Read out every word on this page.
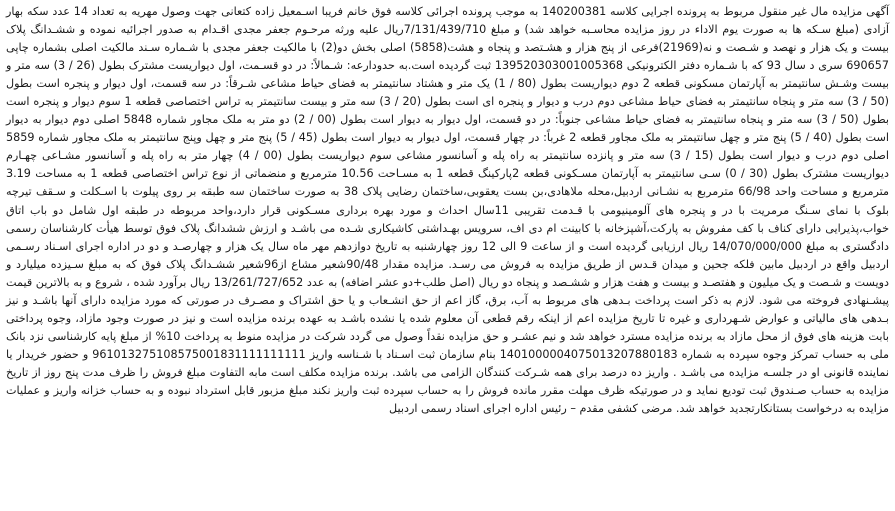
آگهی مزایده مال غیر منقول مربوط به پرونده اجرایی کلاسه 140200381 به موجب پرونده اجرائی کلاسه فوق خانم فریبا اسـمعیل زاده کتعانی جهت وصول مهریه به تعداد 14 عدد سکه بهار آزادی (مبلغ سـکه ها به صورت یوم الاداء در روز مزایده محاسـبه خواهد شد) و مبلغ 7/131/439/710ریال علیه ورثه مرحـوم جعفر مجدی اقـدام به صدور اجرائیه نموده و ششـدانگ پلاک بیست و یک هزار و نهصد و شـصت و نه(21969)فرعی از پنج هزار و هشـتصد و پنجاه و هشت(5858) اصلی بخش دو(2) با مالکیت جعفر مجدی با شـماره سـند مالکیت اصلی بشماره چاپی 690657 سری د سال 93 که با شـماره دفتر الکترونیکی 139520303001005368 ثبت گردیده است.به حدودارعه: شـمالاً: در دو قسـمت، اول دیواریست مشترک بطول (26 / 3) سه متر و بیست وشـش سانتیمتر به آپارتمان مسکونی قطعه 2 دوم دیواریست بطول (80 / 1) یک متر و هشتاد سانتیمتر به فضای حیاط مشاعی شـرقاً: در سه قسمت، اول دیوار و پنجره است بطول (50 / 3) سه متر و پنجاه سانتیمتر به فضای حیاط مشاعی دوم درب و دیوار و پنجره ای است بطول (20 / 3) سه متر و بیست سانتیمتر به تراس اختصاصی قطعه 1 سوم دیوار و پنجره است بطول (50 / 3) سه متر و پنجاه سانتیمتر به فضای حیاط مشاعی جنوباً: در دو قسمت، اول دیوار به دیوار است بطول (00 / 2) دو متر به ملک مجاور شماره 5848 اصلی دوم دیوار به دیوار است بطول (40 / 5) پنج متر و چهل سانتیمتر به ملک مجاور قطعه 2 غرباً: در چهار قسمت، اول دیوار به دیوار است بطول (45 / 5) پنج متر و چهل وپنج سانتیمتر به ملک مجاور شماره 5859 اصلی دوم درب و دیوار است بطول (15 / 3) سه متر و پانزده سانتیمتر به راه پله و آسانسور مشاعی سوم دیواریست بطول (00 / 4) چهار متر به راه پله و آسانسور مشـاعی چهـارم دیواریست مشترک بطول (30 / 0) سـی سانتیمتر به آپارتمان مسـکونی قطعه 2پارکینگ قطعه 1 به مسـاحت 10.56 مترمربع و منضماتی از نوع تراس اختصاصی قطعه 1 به مساحت 3.19 مترمربع و مساحت واحد 66/98 مترمربع به نشـانی اردبیل،محله ملاهادی،بن بست یعقوبی،ساختمان رضایی پلاک 38 به صورت ساختمان سه طبقه بر روی پیلوت با اسـکلت و سـقف تیرچه بلوک با نمای سـنگ مرمریت با در و پنجره های آلومینیومی با قـدمت تقریبی 11سال احداث و مورد بهره برداری مسـکونی قرار دارد،واحد مربوطه در طبقه اول شامل دو باب اتاق خواب،پذیرایی دارای کناف با کف مفروش به پارکت،آشپزخانه با کابینت ام دی اف، سرویس بهـداشتی کاشیکاری شـده می باشـد و ارزش ششدانگ پلاک فوق توسط هیأت کارشناسان رسمی دادگستری به مبلغ 14/070/000/000 ریال ارزیابی گردیده است و از ساعت 9 الی 12 روز چهارشنبه به تاریخ دوازدهم مهر ماه سال یک هزار و چهارصـد و دو در اداره اجرای اسـناد رسـمی اردبیل واقع در اردبیل مابین فلکه جحین و میدان قـدس از طریق مزایده به فروش می رسـد. مزایده مقدار 90/48شعیر مشاع از96شعیر ششـدانگ پلاک فوق که به مبلغ سـیزده میلیارد و دویست و شـصت و یک میلیون و هفتصـد و بیست و هفت هزار و ششـصد و پنجاه دو ریال (اصل طلب+دو عشر اضافه) به عدد 13/261/727/652 ریال برآورد شده ، شروع و به بالاترین قیمت پیشـنهادی فروخته می شود. لازم به ذکر است پرداخت بـدهی های مربوط به آب، برق، گاز اعم از حق انشـعاب و یا حق اشتراک و مصـرف در صورتی که مورد مزایده دارای آنها باشـد و نیز بـدهی های مالیاتی و عوارض شـهرداری و غیره تا تاریخ مزایده اعم از اینکه رقم قطعی آن معلوم شده یا نشده باشـد به عهده برنده مزایده است و نیز در صورت وجود مازاد، وجوه پرداختی بابت هزینه های فوق از محل مازاد به برنده مزایده مسترد خواهد شد و نیم عشـر و حق مزایده نقداً وصول می گردد شرکت در مزایده منوط به پرداخت 10% از مبلغ پایه کارشناسی نزد بانک ملی به حساب تمرکز وجوه سپرده به شماره 1401000004075013207880183 بنام سازمان ثبت اسـناد با شـناسه واریز 961013275108575001831111111111 و حضور خریدار یا نماینده قانونی او در جلسـه مزایده می باشـد . واریز ده درصد برای همه شـرکت کنندگان الزامی می باشد. برنده مزایده مکلف است مابه التفاوت مبلغ فروش را ظرف مدت پنج روز از تاریخ مزایده به حساب صـندوق ثبت تودیع نماید و در صورتیکه ظرف مهلت مقرر مانده فروش را به حساب سپرده ثبت واریز نکند مبلغ مزبور قابل استرداد نبوده و به حساب خزانه واریز و عملیات مزایده به درخواست بستانکارتجدید خواهد شد. مرضی کشفی مقدم – رئیس اداره اجرای اسناد رسمی اردبیل
